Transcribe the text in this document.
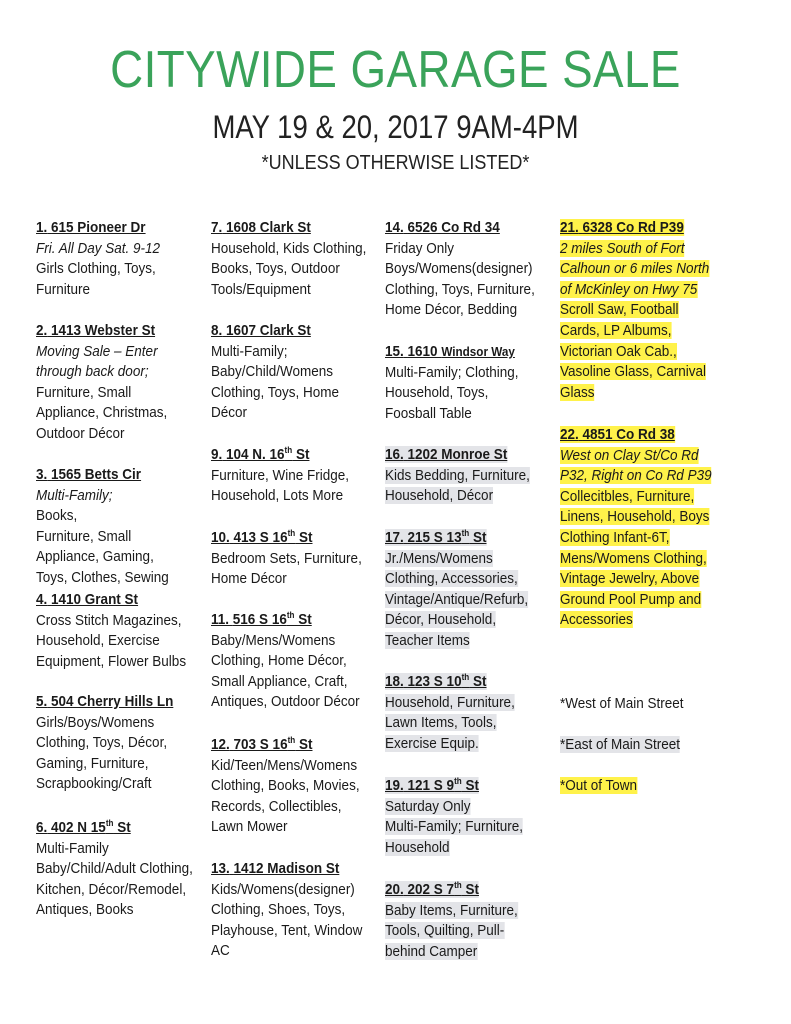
CITYWIDE GARAGE SALE
MAY 19 & 20, 2017 9AM-4PM
*UNLESS OTHERWISE LISTED*
1. 615 Pioneer Dr
Fri. All Day Sat. 9-12
Girls Clothing, Toys,
Furniture
2. 1413 Webster St
Moving Sale – Enter
through back door;
Furniture, Small
Appliance, Christmas,
Outdoor Décor
3. 1565 Betts Cir
Multi-Family;
Books,
Furniture, Small
Appliance, Gaming,
Toys, Clothes, Sewing
4. 1410 Grant St
Cross Stitch Magazines,
Household, Exercise
Equipment, Flower Bulbs
5. 504 Cherry Hills Ln
Girls/Boys/Womens
Clothing, Toys, Décor,
Gaming, Furniture,
Scrapbooking/Craft
6. 402 N 15th St
Multi-Family
Baby/Child/Adult Clothing,
Kitchen, Décor/Remodel,
Antiques, Books
7. 1608 Clark St
Household, Kids Clothing,
Books, Toys, Outdoor
Tools/Equipment
8. 1607 Clark St
Multi-Family;
Baby/Child/Womens
Clothing, Toys, Home
Décor
9. 104 N. 16th St
Furniture, Wine Fridge,
Household, Lots More
10. 413 S 16th St
Bedroom Sets, Furniture,
Home Décor
11. 516 S 16th St
Baby/Mens/Womens
Clothing, Home Décor,
Small Appliance, Craft,
Antiques, Outdoor Décor
12. 703 S 16th St
Kid/Teen/Mens/Womens
Clothing, Books, Movies,
Records, Collectibles,
Lawn Mower
13. 1412 Madison St
Kids/Womens(designer)
Clothing, Shoes, Toys,
Playhouse, Tent, Window
AC
14. 6526 Co Rd 34
Friday Only
Boys/Womens(designer)
Clothing, Toys, Furniture,
Home Décor, Bedding
15. 1610 Windsor Way
Multi-Family; Clothing,
Household, Toys,
Foosball Table
16. 1202 Monroe St
Kids Bedding, Furniture,
Household, Décor
17. 215 S 13th St
Jr./Mens/Womens
Clothing, Accessories,
Vintage/Antique/Refurb,
Décor, Household,
Teacher Items
18. 123 S 10th St
Household, Furniture,
Lawn Items, Tools,
Exercise Equip.
19. 121 S 9th St
Saturday Only
Multi-Family; Furniture,
Household
20. 202 S 7th St
Baby Items, Furniture,
Tools, Quilting, Pull-
behind Camper
21. 6328 Co Rd P39
2 miles South of Fort
Calhoun or 6 miles North
of McKinley on Hwy 75
Scroll Saw, Football
Cards, LP Albums,
Victorian Oak Cab.,
Vasoline Glass, Carnival
Glass
22. 4851 Co Rd 38
West on Clay St/Co Rd
P32, Right on Co Rd P39
Collecitbles, Furniture,
Linens, Household, Boys
Clothing Infant-6T,
Mens/Womens Clothing,
Vintage Jewelry, Above
Ground Pool Pump and
Accessories
*West of Main Street
*East of Main Street
*Out of Town
